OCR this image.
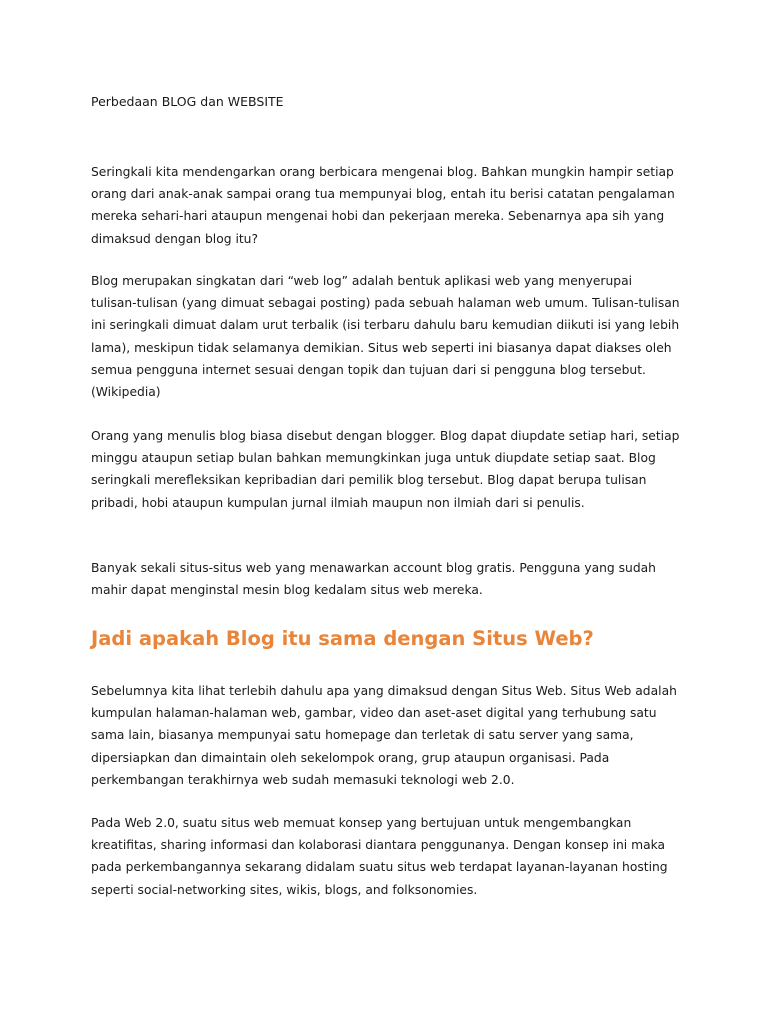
Perbedaan BLOG dan WEBSITE

Seringkali kita mendengarkan orang berbicara mengenai blog. Bahkan mungkin hampir setiap orang dari anak-anak sampai orang tua mempunyai blog, entah itu berisi catatan pengalaman mereka sehari-hari ataupun mengenai hobi dan pekerjaan mereka. Sebenarnya apa sih yang dimaksud dengan blog itu?

Blog merupakan singkatan dari “web log” adalah bentuk aplikasi web yang menyerupai tulisan-tulisan (yang dimuat sebagai posting) pada sebuah halaman web umum. Tulisan-tulisan ini seringkali dimuat dalam urut terbalik (isi terbaru dahulu baru kemudian diikuti isi yang lebih lama), meskipun tidak selamanya demikian. Situs web seperti ini biasanya dapat diakses oleh semua pengguna internet sesuai dengan topik dan tujuan dari si pengguna blog tersebut. (Wikipedia)

Orang yang menulis blog biasa disebut dengan blogger. Blog dapat diupdate setiap hari, setiap minggu ataupun setiap bulan bahkan memungkinkan juga untuk diupdate setiap saat. Blog seringkali merefleksikan kepribadian dari pemilik blog tersebut. Blog dapat berupa tulisan pribadi, hobi ataupun kumpulan jurnal ilmiah maupun non ilmiah dari si penulis.

Banyak sekali situs-situs web yang menawarkan account blog gratis. Pengguna yang sudah mahir dapat menginstal mesin blog kedalam situs web mereka.

Jadi apakah Blog itu sama dengan Situs Web?

Sebelumnya kita lihat terlebih dahulu apa yang dimaksud dengan Situs Web. Situs Web adalah kumpulan halaman-halaman web, gambar, video dan aset-aset digital yang terhubung satu sama lain, biasanya mempunyai satu homepage dan terletak di satu server yang sama, dipersiapkan dan dimaintain oleh sekelompok orang, grup ataupun organisasi. Pada perkembangan terakhirnya web sudah memasuki teknologi web 2.0.

Pada Web 2.0, suatu situs web memuat konsep yang bertujuan untuk mengembangkan kreatifitas, sharing informasi dan kolaborasi diantara penggunanya. Dengan konsep ini maka pada perkembangannya sekarang didalam suatu situs web terdapat layanan-layanan hosting seperti social-networking sites, wikis, blogs, and folksonomies.
